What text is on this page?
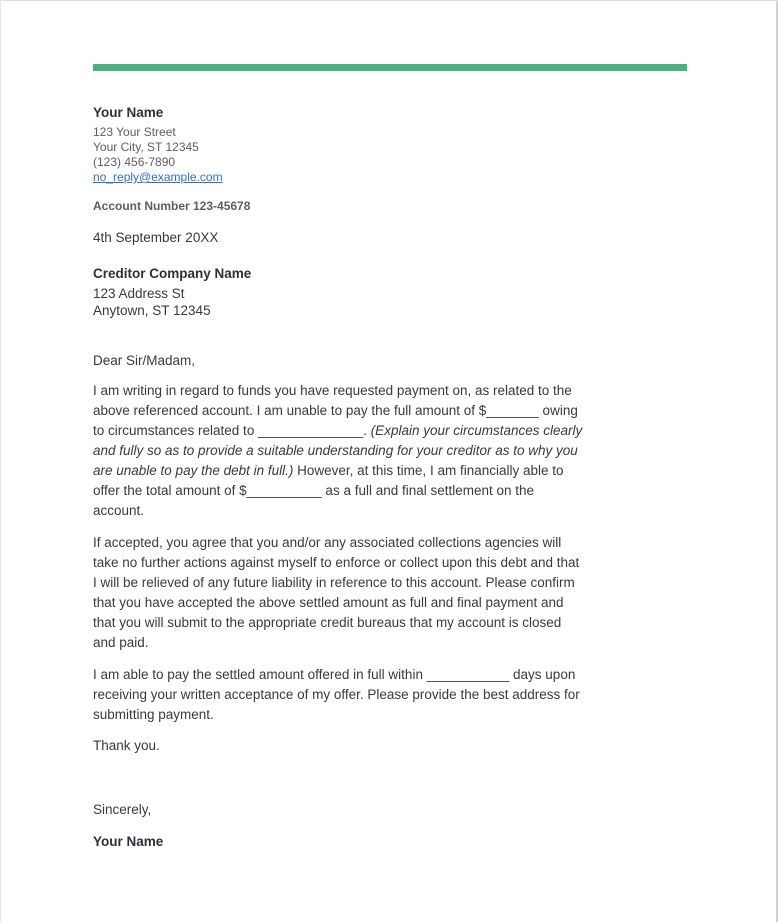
Your Name
123 Your Street
Your City, ST 12345
(123) 456-7890
no_reply@example.com
Account Number 123-45678
4th September 20XX
Creditor Company Name
123 Address St
Anytown, ST 12345
Dear Sir/Madam,

I am writing in regard to funds you have requested payment on, as related to the above referenced account. I am unable to pay the full amount of $_______ owing to circumstances related to ______________. (Explain your circumstances clearly and fully so as to provide a suitable understanding for your creditor as to why you are unable to pay the debt in full.) However, at this time, I am financially able to offer the total amount of $__________ as a full and final settlement on the account.

If accepted, you agree that you and/or any associated collections agencies will take no further actions against myself to enforce or collect upon this debt and that I will be relieved of any future liability in reference to this account. Please confirm that you have accepted the above settled amount as full and final payment and that you will submit to the appropriate credit bureaus that my account is closed and paid.

I am able to pay the settled amount offered in full within ___________ days upon receiving your written acceptance of my offer. Please provide the best address for submitting payment.

Thank you.
Sincerely,
Your Name
